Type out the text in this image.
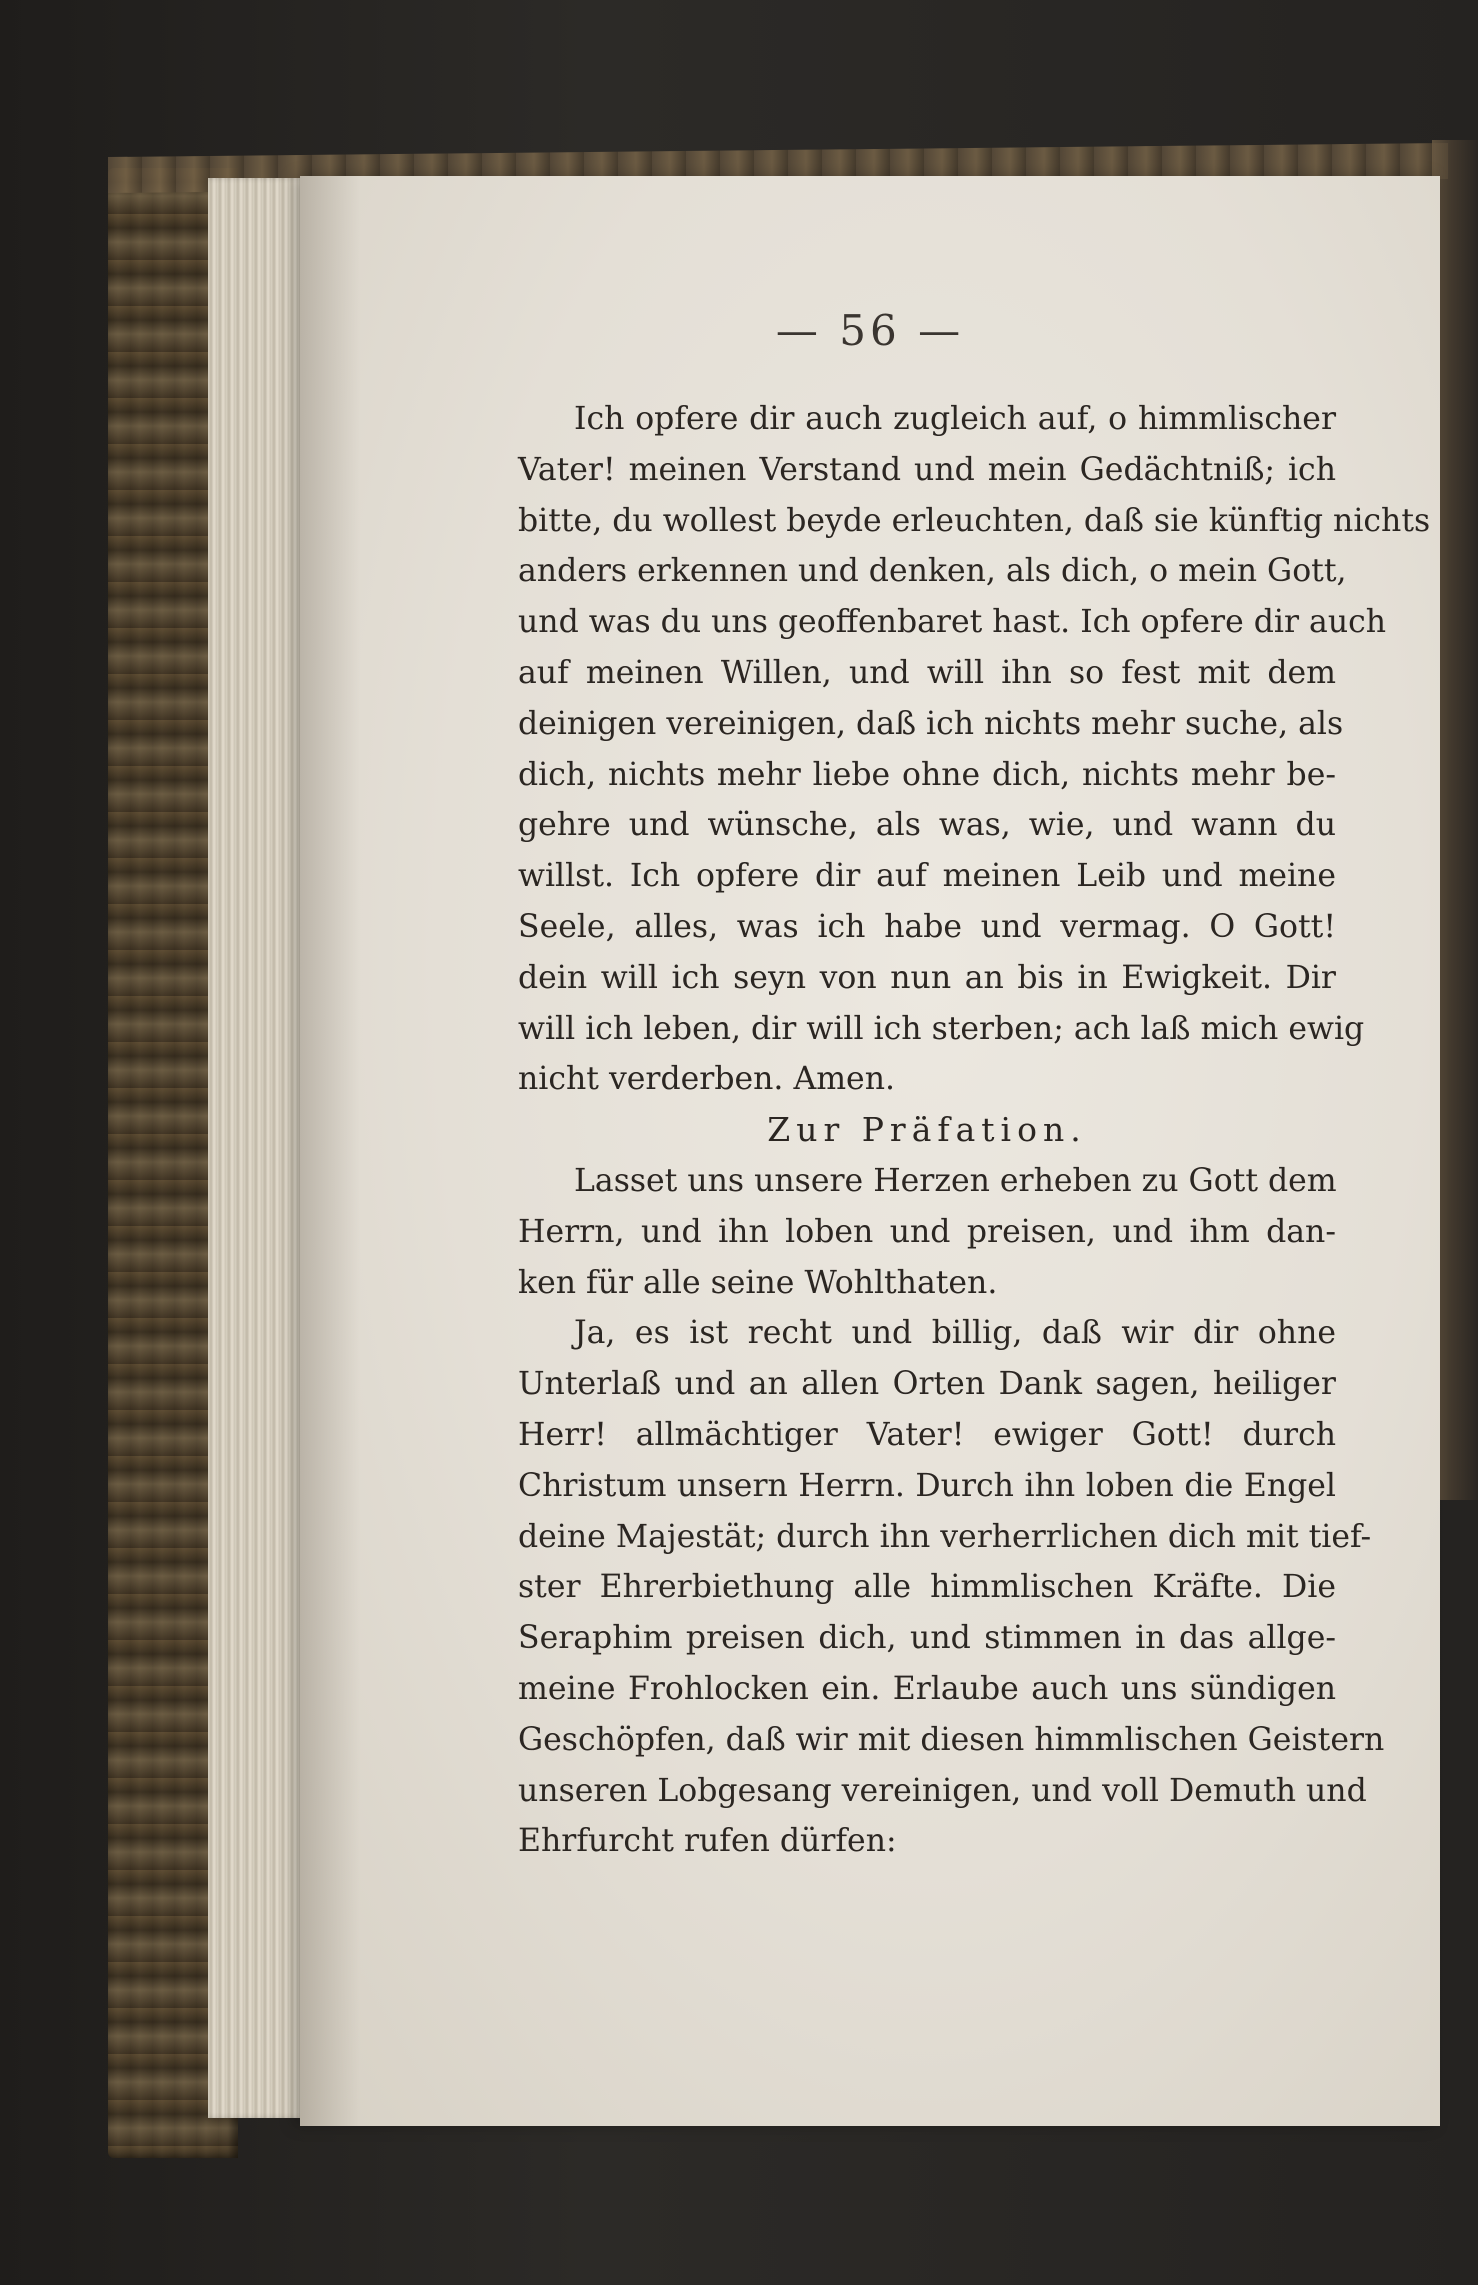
— 56 —
Ich opfere dir auch zugleich auf, o himmlischer
Vater! meinen Verstand und mein Gedächtniß; ich
bitte, du wollest beyde erleuchten, daß sie künftig nichts
anders erkennen und denken, als dich, o mein Gott,
und was du uns geoffenbaret hast. Ich opfere dir auch
auf meinen Willen, und will ihn so fest mit dem
deinigen vereinigen, daß ich nichts mehr suche, als
dich, nichts mehr liebe ohne dich, nichts mehr be-
gehre und wünsche, als was, wie, und wann du
willst. Ich opfere dir auf meinen Leib und meine
Seele, alles, was ich habe und vermag. O Gott!
dein will ich seyn von nun an bis in Ewigkeit. Dir
will ich leben, dir will ich sterben; ach laß mich ewig
nicht verderben. Amen.
Zur Präfation.
Lasset uns unsere Herzen erheben zu Gott dem
Herrn, und ihn loben und preisen, und ihm dan-
ken für alle seine Wohlthaten.
Ja, es ist recht und billig, daß wir dir ohne
Unterlaß und an allen Orten Dank sagen, heiliger
Herr! allmächtiger Vater! ewiger Gott! durch
Christum unsern Herrn. Durch ihn loben die Engel
deine Majestät; durch ihn verherrlichen dich mit tief-
ster Ehrerbiethung alle himmlischen Kräfte. Die
Seraphim preisen dich, und stimmen in das allge-
meine Frohlocken ein. Erlaube auch uns sündigen
Geschöpfen, daß wir mit diesen himmlischen Geistern
unseren Lobgesang vereinigen, und voll Demuth und
Ehrfurcht rufen dürfen:
